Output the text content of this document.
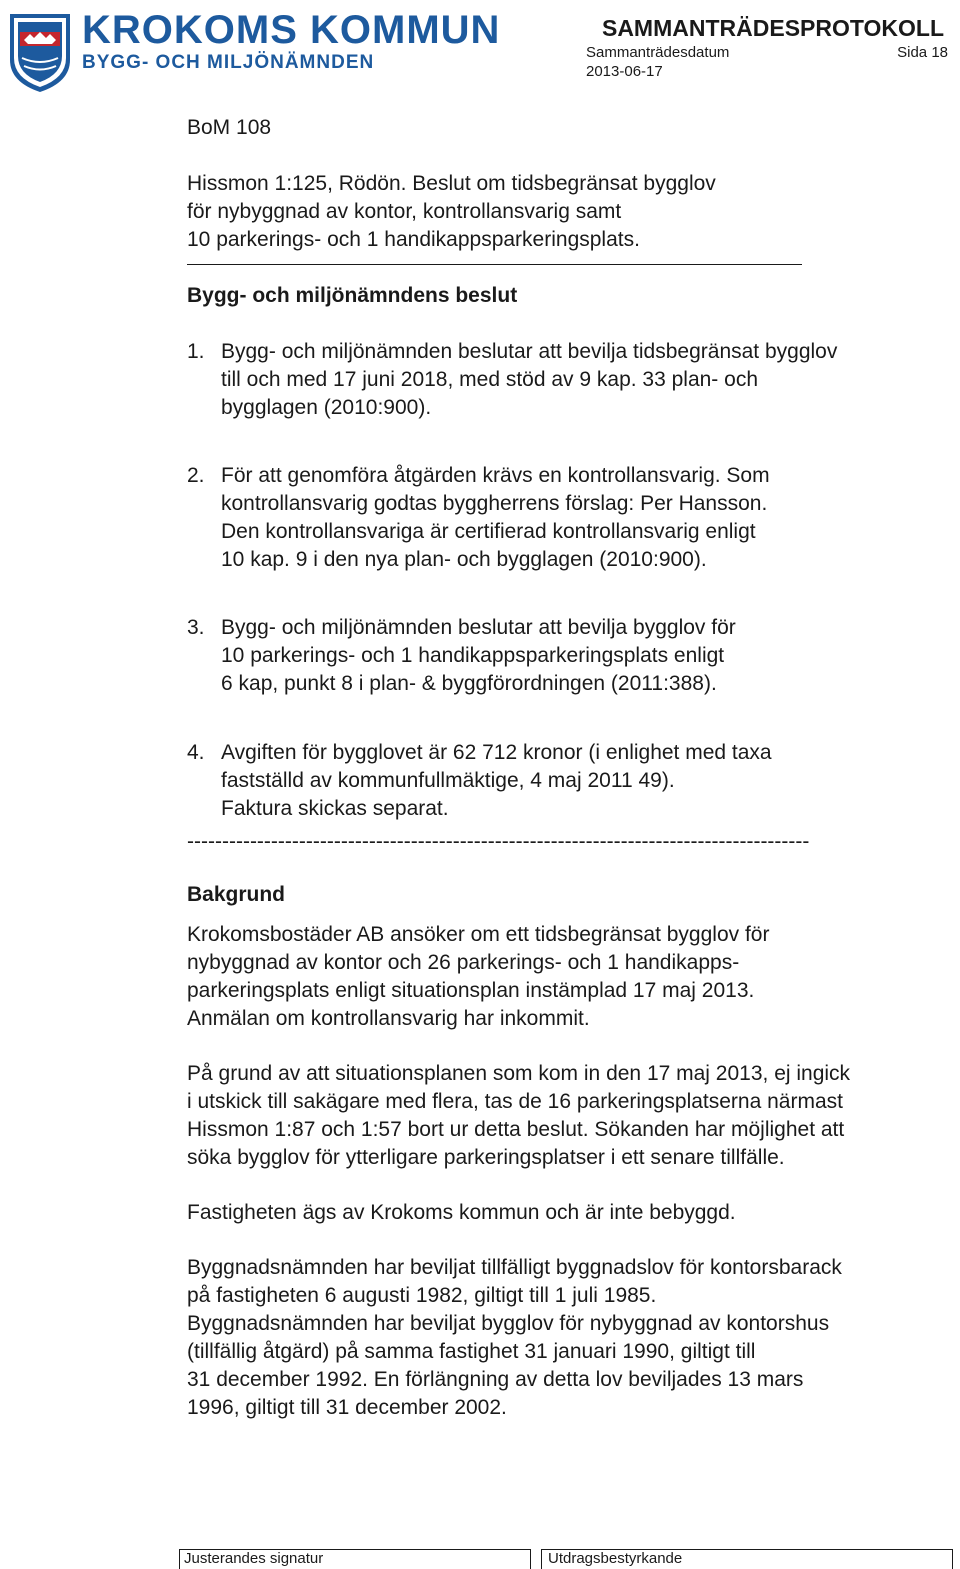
KROKOMS KOMMUN
BYGG- OCH MILJÖNÄMNDEN
SAMMANTRÄDESPROTOKOLL
Sammanträdesdatum	Sida 18
2013-06-17
BoM 108
Hissmon 1:125, Rödön. Beslut om tidsbegränsat bygglov
för nybyggnad av kontor, kontrollansvarig samt
10 parkerings- och 1 handikappsparkeringsplats.
Bygg- och miljönämndens beslut
1. Bygg- och miljönämnden beslutar att bevilja tidsbegränsat bygglov
till och med 17 juni 2018, med stöd av 9 kap. 33 plan- och
bygglagen (2010:900).
2. För att genomföra åtgärden krävs en kontrollansvarig. Som
kontrollansvarig godtas byggherrens förslag: Per Hansson.
Den kontrollansvariga är certifierad kontrollansvarig enligt
10 kap. 9 i den nya plan- och bygglagen (2010:900).
3. Bygg- och miljönämnden beslutar att bevilja bygglov för
10 parkerings- och 1 handikappsparkeringsplats enligt
6 kap, punkt 8 i plan- & byggförordningen (2011:388).
4. Avgiften för bygglovet är 62 712 kronor (i enlighet med taxa
fastställd av kommunfullmäktige, 4 maj 2011 49).
Faktura skickas separat.
-----------------------------------------------------------------------------------------
Bakgrund
Krokomsbostäder AB ansöker om ett tidsbegränsat bygglov för
nybyggnad av kontor och 26 parkerings- och 1 handikapps-
parkeringsplats enligt situationsplan instämplad 17 maj 2013.
Anmälan om kontrollansvarig har inkommit.
På grund av att situationsplanen som kom in den 17 maj 2013, ej ingick
i utskick till sakägare med flera, tas de 16 parkeringsplatserna närmast
Hissmon 1:87 och 1:57 bort ur detta beslut. Sökanden har möjlighet att
söka bygglov för ytterligare parkeringsplatser i ett senare tillfälle.
Fastigheten ägs av Krokoms kommun och är inte bebyggd.
Byggnadsnämnden har beviljat tillfälligt byggnadslov för kontorsbarack
på fastigheten 6 augusti 1982, giltigt till 1 juli 1985.
Byggnadsnämnden har beviljat bygglov för nybyggnad av kontorshus
(tillfällig åtgärd) på samma fastighet 31 januari 1990, giltigt till
31 december 1992. En förlängning av detta lov beviljades 13 mars
1996, giltigt till 31 december 2002.
Justerandes signatur	Utdragsbestyrkande
